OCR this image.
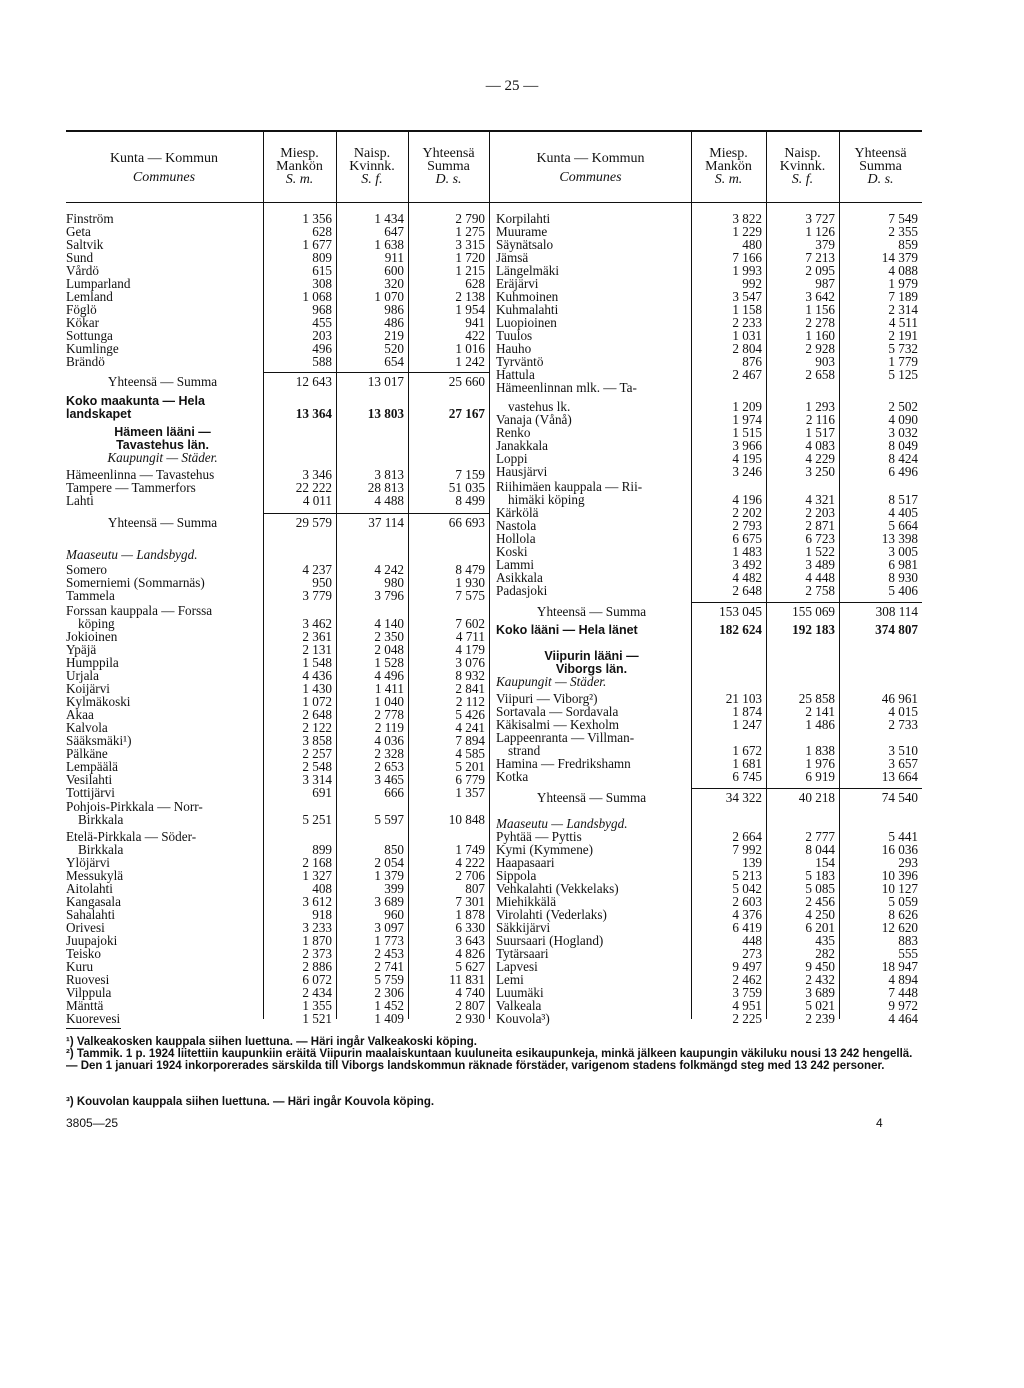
— 25 —
Kunta — Kommun
Communes
Miesp.
Mankön
S. m.
Naisp.
Kvinnk.
S. f.
Yhteensä
Summa
D. s.
Kunta — Kommun
Communes
Miesp.
Mankön
S. m.
Naisp.
Kvinnk.
S. f.
Yhteensä
Summa
D. s.
Finström	1 356	1 434	2 790
Geta	628	647	1 275
Saltvik	1 677	1 638	3 315
Sund	809	911	1 720
Vårdö	615	600	1 215
Lumparland	308	320	628
Lemland	1 068	1 070	2 138
Föglö	968	986	1 954
Kökar	455	486	941
Sottunga	203	219	422
Kumlinge	496	520	1 016
Brändö	588	654	1 242
Yhteensä — Summa	12 643	13 017	25 660
Koko maakunta — Hela
landskapet	13 364	13 803	27 167
Hämeen lääni —
Tavastehus län.
Kaupungit — Städer.
Hämeenlinna — Tavastehus	3 346	3 813	7 159
Tampere — Tammerfors	22 222	28 813	51 035
Lahti	4 011	4 488	8 499
Yhteensä — Summa	29 579	37 114	66 693
Maaseutu — Landsbygd.
Somero	4 237	4 242	8 479
Somerniemi (Sommarnäs)	950	980	1 930
Tammela	3 779	3 796	7 575
Forssan kauppala — Forssa
köping	3 462	4 140	7 602
Jokioinen	2 361	2 350	4 711
Ypäjä	2 131	2 048	4 179
Humppila	1 548	1 528	3 076
Urjala	4 436	4 496	8 932
Koijärvi	1 430	1 411	2 841
Kylmäkoski	1 072	1 040	2 112
Akaa	2 648	2 778	5 426
Kalvola	2 122	2 119	4 241
Sääksmäki¹)	3 858	4 036	7 894
Pälkäne	2 257	2 328	4 585
Lempäälä	2 548	2 653	5 201
Vesilahti	3 314	3 465	6 779
Tottijärvi	691	666	1 357
Pohjois-Pirkkala — Norr-
Birkkala	5 251	5 597	10 848
Etelä-Pirkkala — Söder-
Birkkala	899	850	1 749
Ylöjärvi	2 168	2 054	4 222
Messukylä	1 327	1 379	2 706
Aitolahti	408	399	807
Kangasala	3 612	3 689	7 301
Sahalahti	918	960	1 878
Orivesi	3 233	3 097	6 330
Juupajoki	1 870	1 773	3 643
Teisko	2 373	2 453	4 826
Kuru	2 886	2 741	5 627
Ruovesi	6 072	5 759	11 831
Vilppula	2 434	2 306	4 740
Mänttä	1 355	1 452	2 807
Kuorevesi	1 521	1 409	2 930
Korpilahti	3 822	3 727	7 549
Muurame	1 229	1 126	2 355
Säynätsalo	480	379	859
Jämsä	7 166	7 213	14 379
Längelmäki	1 993	2 095	4 088
Eräjärvi	992	987	1 979
Kuhmoinen	3 547	3 642	7 189
Kuhmalahti	1 158	1 156	2 314
Luopioinen	2 233	2 278	4 511
Tuulos	1 031	1 160	2 191
Hauho	2 804	2 928	5 732
Tyrväntö	876	903	1 779
Hattula	2 467	2 658	5 125
Hämeenlinnan mlk. — Ta-
vastehus lk.	1 209	1 293	2 502
Vanaja (Vånå)	1 974	2 116	4 090
Renko	1 515	1 517	3 032
Janakkala	3 966	4 083	8 049
Loppi	4 195	4 229	8 424
Hausjärvi	3 246	3 250	6 496
Riihimäen kauppala — Rii-
himäki köping	4 196	4 321	8 517
Kärkölä	2 202	2 203	4 405
Nastola	2 793	2 871	5 664
Hollola	6 675	6 723	13 398
Koski	1 483	1 522	3 005
Lammi	3 492	3 489	6 981
Asikkala	4 482	4 448	8 930
Padasjoki	2 648	2 758	5 406
Yhteensä — Summa	153 045	155 069	308 114
Koko lääni — Hela länet	182 624	192 183	374 807
Viipurin lääni —
Viborgs län.
Kaupungit — Städer.
Viipuri — Viborg²)	21 103	25 858	46 961
Sortavala — Sordavala	1 874	2 141	4 015
Käkisalmi — Kexholm	1 247	1 486	2 733
Lappeenranta — Villman-
strand	1 672	1 838	3 510
Hamina — Fredrikshamn	1 681	1 976	3 657
Kotka	6 745	6 919	13 664
Yhteensä — Summa	34 322	40 218	74 540
Maaseutu — Landsbygd.
Pyhtää — Pyttis	2 664	2 777	5 441
Kymi (Kymmene)	7 992	8 044	16 036
Haapasaari	139	154	293
Sippola	5 213	5 183	10 396
Vehkalahti (Vekkelaks)	5 042	5 085	10 127
Miehikkälä	2 603	2 456	5 059
Virolahti (Vederlaks)	4 376	4 250	8 626
Säkkijärvi	6 419	6 201	12 620
Suursaari (Hogland)	448	435	883
Tytärsaari	273	282	555
Lapvesi	9 497	9 450	18 947
Lemi	2 462	2 432	4 894
Luumäki	3 759	3 689	7 448
Valkeala	4 951	5 021	9 972
Kouvola³)	2 225	2 239	4 464
¹) Valkeakosken kauppala siihen luettuna. — Häri ingår Valkeakoski köping.
²) Tammik. 1 p. 1924 liitettiin kaupunkiin eräitä Viipurin maalaiskuntaan kuuluneita esikaupunkeja, minkä jälkeen kaupungin väkiluku nousi 13 242 hengellä. — Den 1 januari 1924 inkorporerades särskilda till Viborgs landskommun räknade förstäder, varigenom stadens folkmängd steg med 13 242 personer.
³) Kouvolan kauppala siihen luettuna. — Häri ingår Kouvola köping.
3805—25	4
